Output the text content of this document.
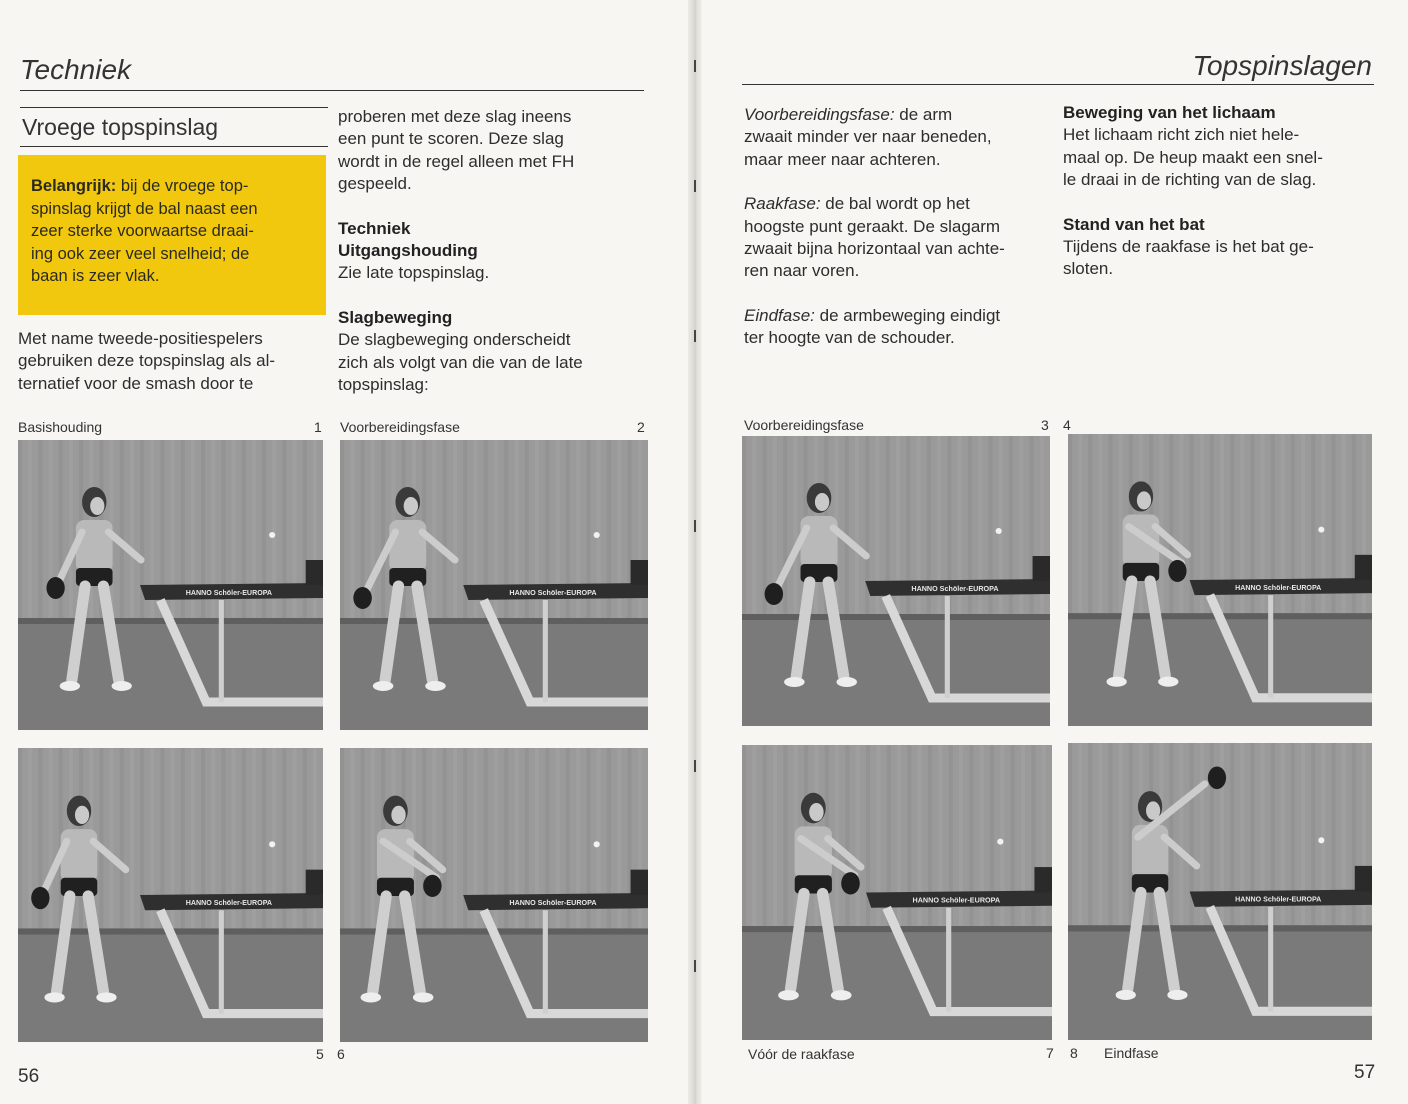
Techniek
Vroege topspinslag
Belangrijk: bij de vroege top-
spinslag krijgt de bal naast een
zeer sterke voorwaartse draai-
ing ook zeer veel snelheid; de
baan is zeer vlak.

Met name tweede-positiespelers

gebruiken deze topspinslag als al-

ternatief voor de smash door te

proberen met deze slag ineens

een punt te scoren. Deze slag

wordt in de regel alleen met FH

gespeeld.

Techniek

Uitgangshouding

Zie late topspinslag.

Slagbeweging

De slagbeweging onderscheidt

zich als volgt van die van de late

topspinslag:

Basishouding	1 Voorbereidingsfase	2
HANNO Schöler-EUROPA	HANNO Schöler-EUROPA
HANNO Schöler-EUROPA	HANNO Schöler-EUROPA
5 6
56
Topspinslagen

Voorbereidingsfase: de arm

zwaait minder ver naar beneden,

maar meer naar achteren.

Raakfase: de bal wordt op het

hoogste punt geraakt. De slagarm

zwaait bijna horizontaal van achte-

ren naar voren.

Eindfase: de armbeweging eindigt

ter hoogte van de schouder.

Beweging van het lichaam

Het lichaam richt zich niet hele-

maal op. De heup maakt een snel-

le draai in de richting van de slag.

Stand van het bat

Tijdens de raakfase is het bat ge-

sloten.

Voorbereidingsfase	3 4
HANNO Schöler-EUROPA	HANNO Schöler-EUROPA
HANNO Schöler-EUROPA	HANNO Schöler-EUROPA
Vóór de raakfase	7 8 Eindfase
57
